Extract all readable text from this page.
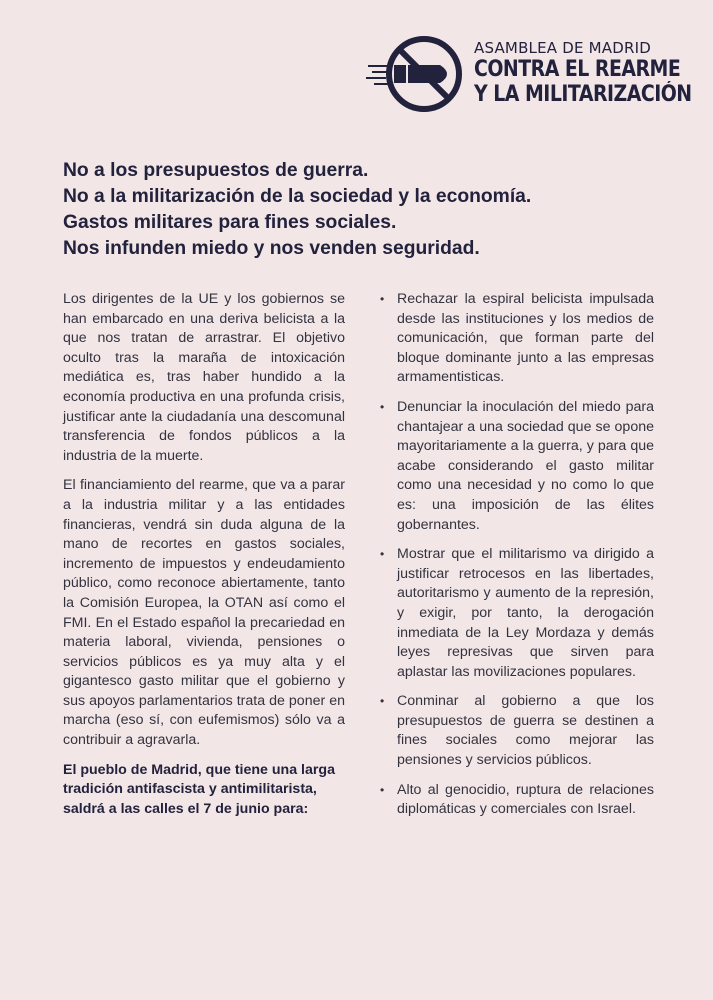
ASAMBLEA DE MADRID
CONTRA EL REARME
Y LA MILITARIZACIÓN
No a los presupuestos de guerra.
No a la militarización de la sociedad y la economía.
Gastos militares para fines sociales.
Nos infunden miedo y nos venden seguridad.

Los dirigentes de la UE y los gobiernos se han embarcado en una deriva belicista a la que nos tratan de arrastrar. El objetivo oculto tras la maraña de intoxicación mediática es, tras haber hundido a la economía productiva en una profunda crisis, justificar ante la ciudadanía una descomunal transferencia de fondos públicos a la industria de la muerte.

El financiamiento del rearme, que va a parar a la industria militar y a las entidades financieras, vendrá sin duda alguna de la mano de recortes en gastos sociales, incremento de impuestos y endeudamiento público, como reconoce abiertamente, tanto la Comisión Europea, la OTAN así como el FMI. En el Estado español la precariedad en materia laboral, vivienda, pensiones o servicios públicos es ya muy alta y el gigantesco gasto militar que el gobierno y sus apoyos parlamentarios trata de poner en marcha (eso sí, con eufemismos) sólo va a contribuir a agravarla.

El pueblo de Madrid, que tiene una larga tradición antifascista y antimilitarista, saldrá a las calles el 7 de junio para:

• Rechazar la espiral belicista impulsada desde las instituciones y los medios de comunicación, que forman parte del bloque dominante junto a las empresas armamentisticas.
• Denunciar la inoculación del miedo para chantajear a una sociedad que se opone mayoritariamente a la guerra, y para que acabe considerando el gasto militar como una necesidad y no como lo que es: una imposición de las élites gobernantes.
• Mostrar que el militarismo va dirigido a justificar retrocesos en las libertades, autoritarismo y aumento de la represión, y exigir, por tanto, la derogación inmediata de la Ley Mordaza y demás leyes represivas que sirven para aplastar las movilizaciones populares.
• Conminar al gobierno a que los presupuestos de guerra se destinen a fines sociales como mejorar las pensiones y servicios públicos.
• Alto al genocidio, ruptura de relaciones diplomáticas y comerciales con Israel.
